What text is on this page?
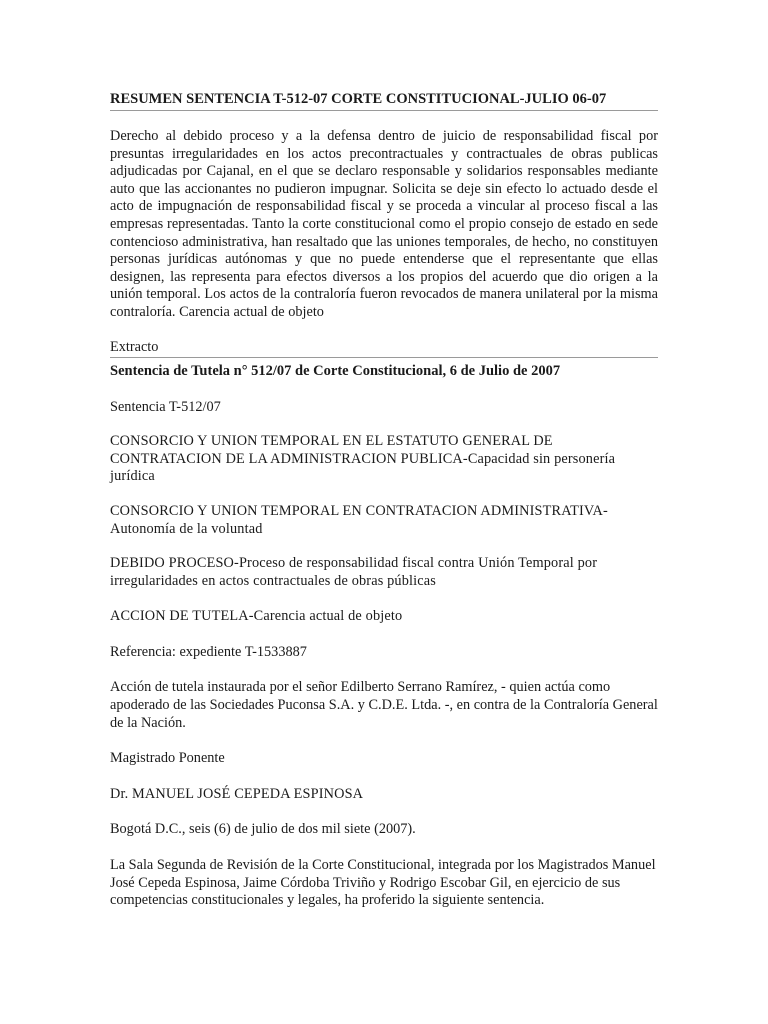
RESUMEN SENTENCIA T-512-07 CORTE CONSTITUCIONAL-JULIO 06-07
Derecho al debido proceso y a la defensa dentro de juicio de responsabilidad fiscal por presuntas irregularidades en los actos precontractuales y contractuales de obras publicas adjudicadas por Cajanal, en el que se declaro responsable y solidarios responsables mediante auto que las accionantes no pudieron impugnar. Solicita se deje sin efecto lo actuado desde el acto de impugnación de responsabilidad fiscal y se proceda a vincular al proceso fiscal a las empresas representadas. Tanto la corte constitucional como el propio consejo de estado en sede contencioso administrativa, han resaltado que las uniones temporales, de hecho, no constituyen personas jurídicas autónomas y que no puede entenderse que el representante que ellas designen, las representa para efectos diversos a los propios del acuerdo que dio origen a la unión temporal. Los actos de la contraloría fueron revocados de manera unilateral por la misma contraloría. Carencia actual de objeto
Extracto
Sentencia de Tutela n° 512/07 de Corte Constitucional, 6 de Julio de 2007
Sentencia T-512/07
CONSORCIO Y UNION TEMPORAL EN EL ESTATUTO GENERAL DE CONTRATACION DE LA ADMINISTRACION PUBLICA-Capacidad sin personería jurídica
CONSORCIO Y UNION TEMPORAL EN CONTRATACION ADMINISTRATIVA-Autonomía de la voluntad
DEBIDO PROCESO-Proceso de responsabilidad fiscal contra Unión Temporal por irregularidades en actos contractuales de obras públicas
ACCION DE TUTELA-Carencia actual de objeto
Referencia: expediente T-1533887
Acción de tutela instaurada por el señor Edilberto Serrano Ramírez, - quien actúa como apoderado de las Sociedades Puconsa S.A. y C.D.E. Ltda. -, en contra de la Contraloría General de la Nación.
Magistrado Ponente
Dr. MANUEL JOSÉ CEPEDA ESPINOSA
Bogotá D.C., seis (6) de julio de dos mil siete (2007).
La Sala Segunda de Revisión de la Corte Constitucional, integrada por los Magistrados Manuel José Cepeda Espinosa, Jaime Córdoba Triviño y Rodrigo Escobar Gil, en ejercicio de sus competencias constitucionales y legales, ha proferido la siguiente sentencia.
